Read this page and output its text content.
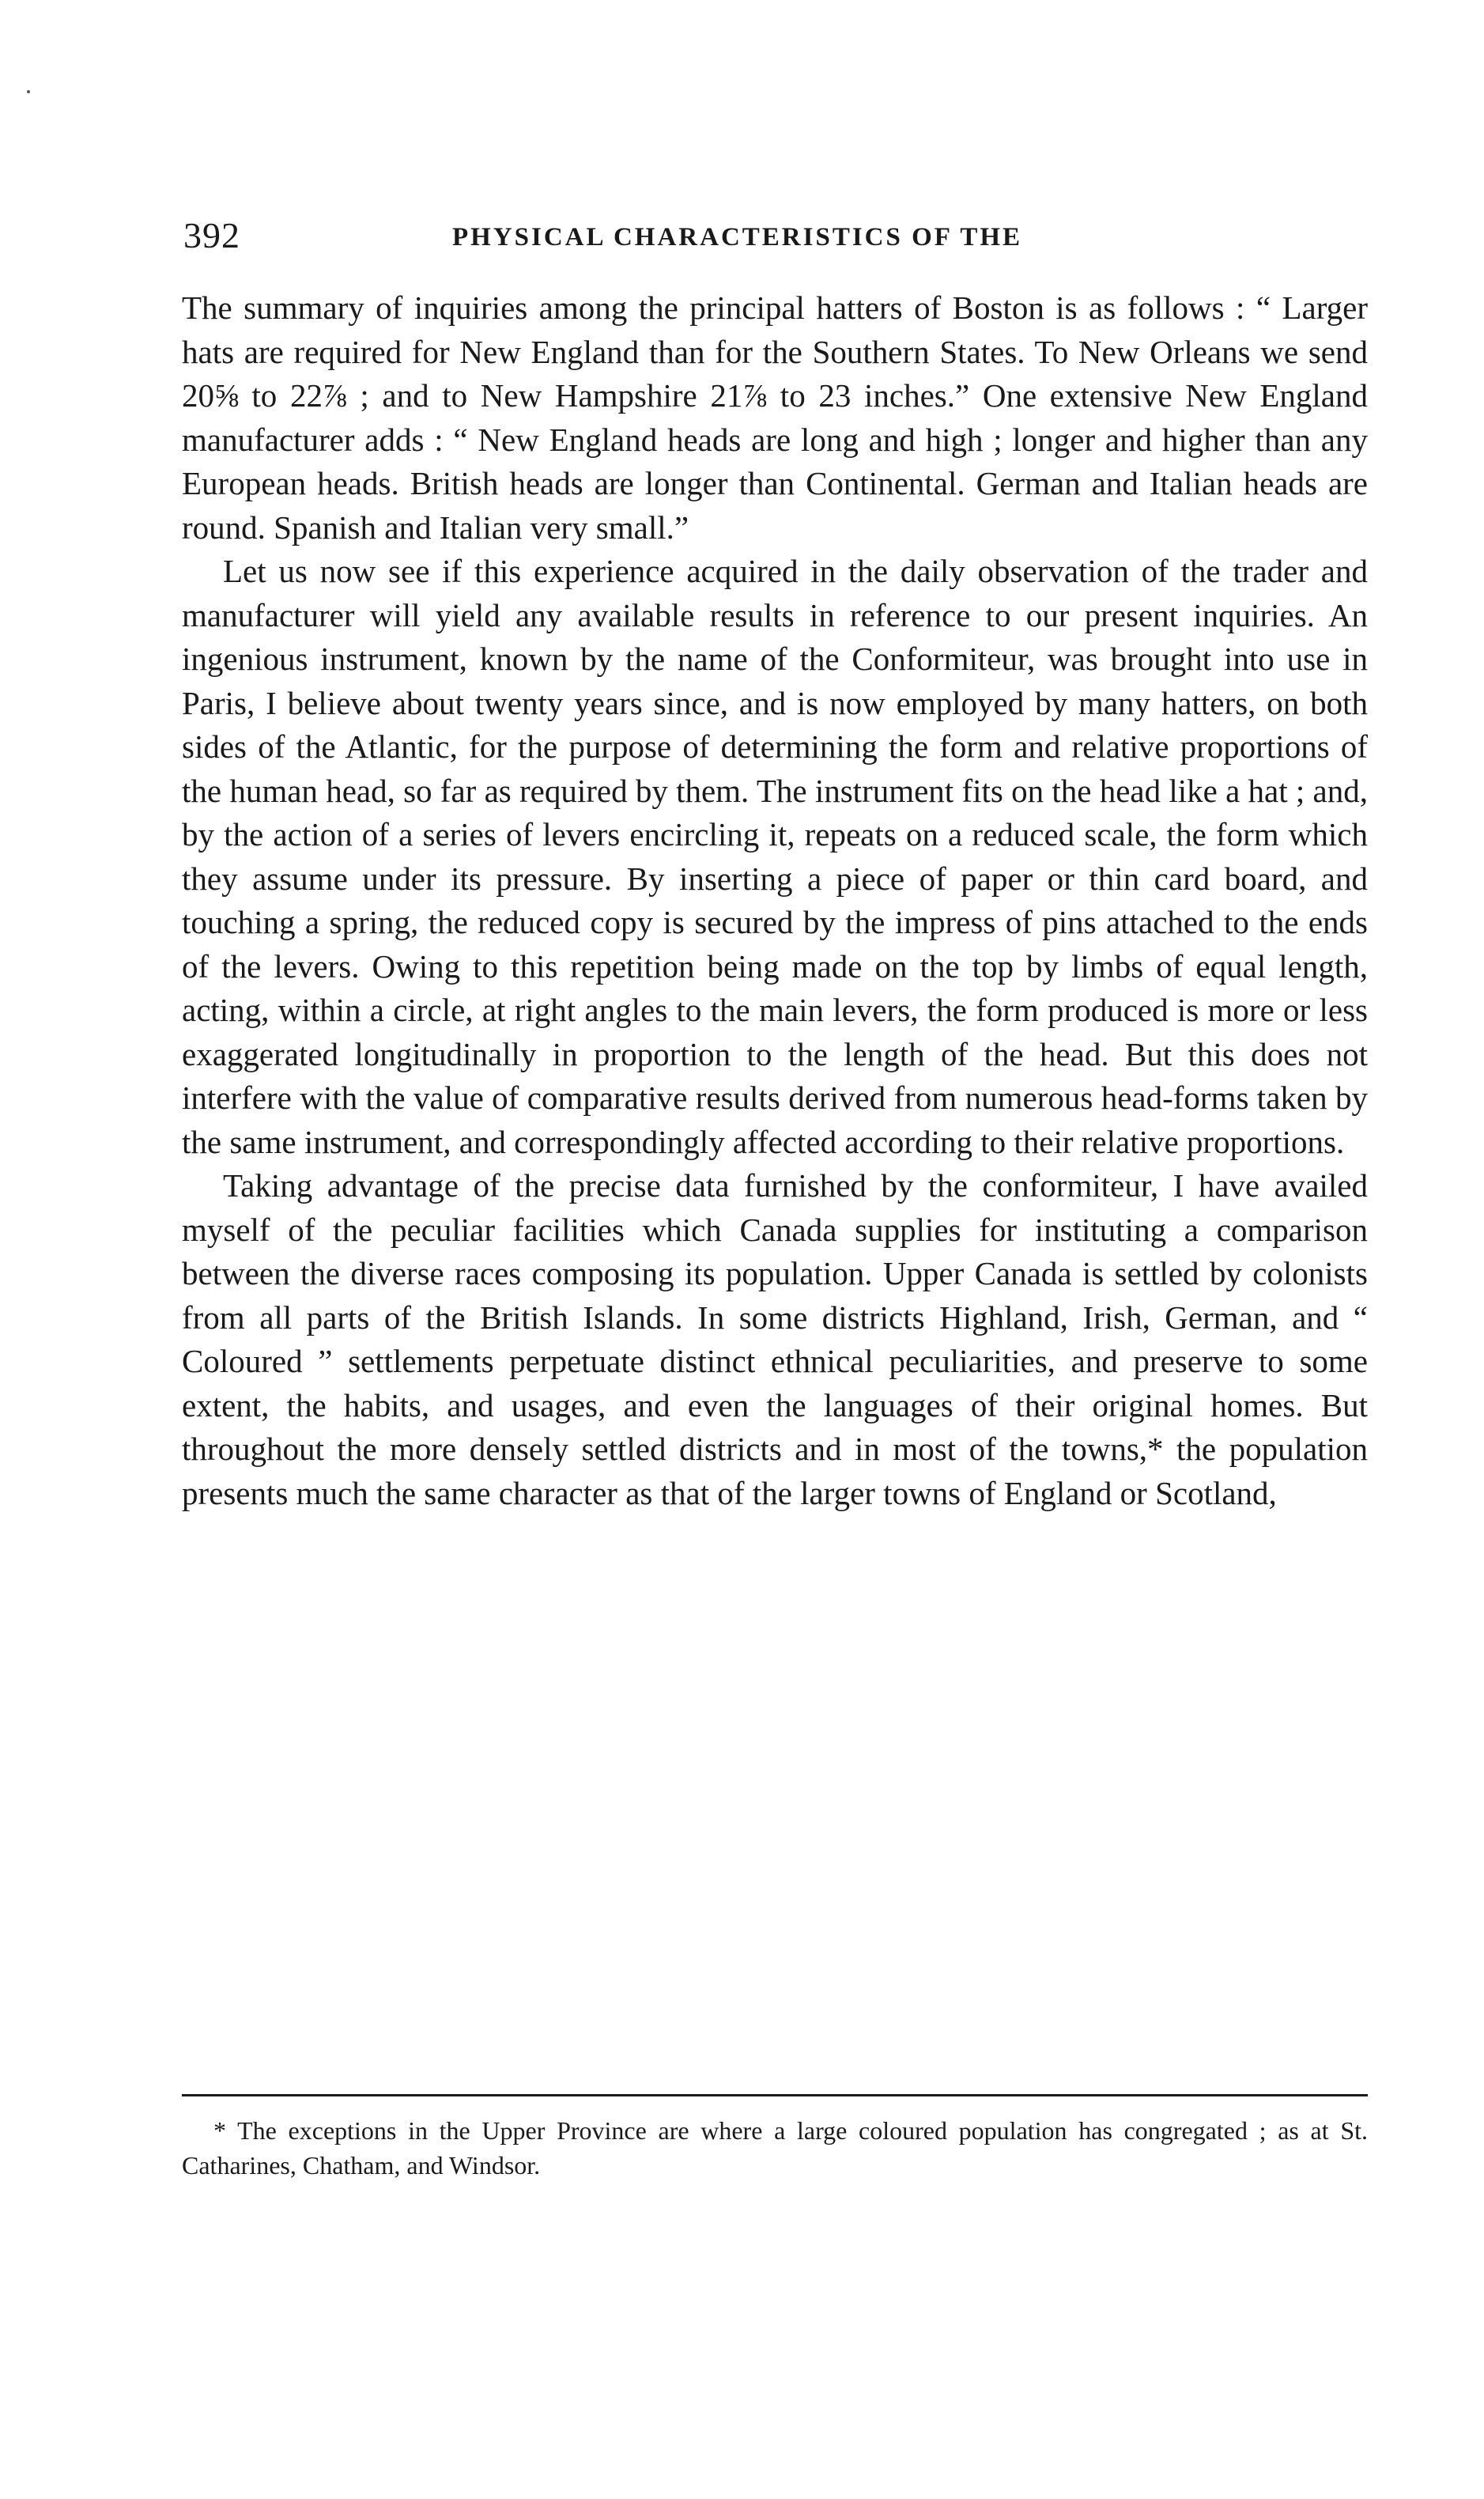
392	PHYSICAL CHARACTERISTICS OF THE

The summary of inquiries among the principal hatters of Boston is as follows : “ Larger hats are required for New England than for the Southern States. To New Orleans we send 20⅝ to 22⅞ ; and to New Hampshire 21⅞ to 23 inches.” One extensive New England manufacturer adds : “ New England heads are long and high ; longer and higher than any European heads. British heads are longer than Continental. German and Italian heads are round. Spanish and Italian very small.”

Let us now see if this experience acquired in the daily observation of the trader and manufacturer will yield any available results in reference to our present inquiries. An ingenious instrument, known by the name of the Conformiteur, was brought into use in Paris, I believe about twenty years since, and is now employed by many hatters, on both sides of the Atlantic, for the purpose of determining the form and relative proportions of the human head, so far as required by them. The instrument fits on the head like a hat ; and, by the action of a series of levers encircling it, repeats on a reduced scale, the form which they assume under its pressure. By inserting a piece of paper or thin card board, and touching a spring, the reduced copy is secured by the impress of pins attached to the ends of the levers. Owing to this repetition being made on the top by limbs of equal length, acting, within a circle, at right angles to the main levers, the form produced is more or less exaggerated longitudinally in proportion to the length of the head. But this does not interfere with the value of comparative results derived from numerous head-forms taken by the same instrument, and correspondingly affected according to their relative proportions.

Taking advantage of the precise data furnished by the conformiteur, I have availed myself of the peculiar facilities which Canada supplies for instituting a comparison between the diverse races composing its population. Upper Canada is settled by colonists from all parts of the British Islands. In some districts Highland, Irish, German, and “ Coloured ” settlements perpetuate distinct ethnical peculiarities, and preserve to some extent, the habits, and usages, and even the languages of their original homes. But throughout the more densely settled districts and in most of the towns,* the population presents much the same character as that of the larger towns of England or Scotland,

* The exceptions in the Upper Province are where a large coloured population has congregated ; as at St. Catharines, Chatham, and Windsor.
